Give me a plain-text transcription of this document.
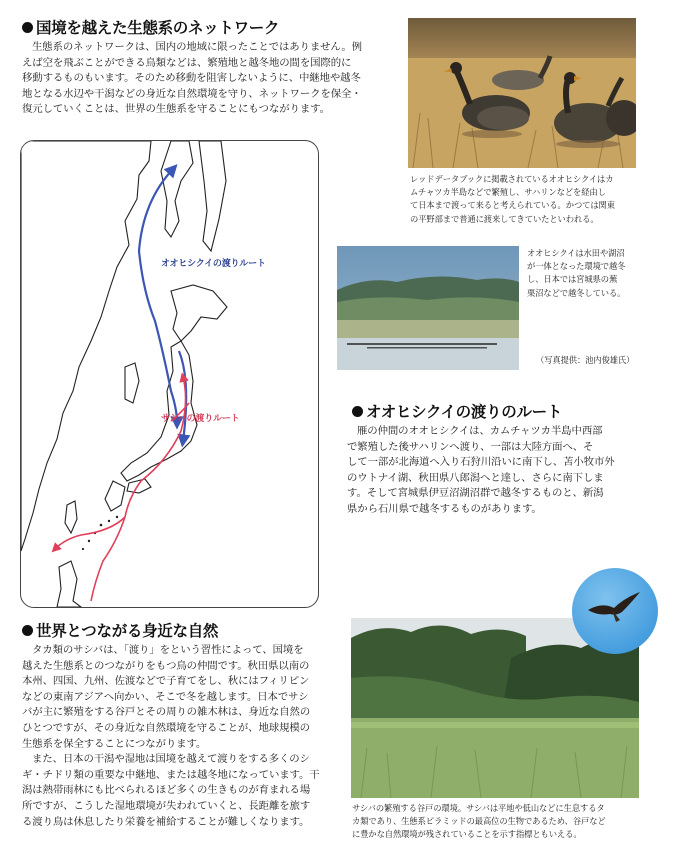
国境を越えた生態系のネットワーク
生態系のネットワークは、国内の地域に限ったことではありません。例
えば空を飛ぶことができる鳥類などは、繁殖地と越冬地の間を国際的に
移動するものもいます。そのため移動を阻害しないように、中継地や越冬
地となる水辺や干潟などの身近な自然環境を守り、ネットワークを保全・
復元していくことは、世界の生態系を守ることにもつながります。
レッドデータブックに掲載されているオオヒシクイはカ
ムチャツカ半島などで繁殖し、サハリンなどを経由し
て日本まで渡って来ると考えられている。かつては関東
の平野部まで普通に渡来してきていたといわれる。
オオヒシクイの渡りルート
サシバの渡りルート
オオヒシクイは水田や湖沼
が一体となった環境で越冬
し、日本では宮城県の蕪
栗沼などで越冬している。
（写真提供：池内俊雄氏）
オオヒシクイの渡りのルート
雁の仲間のオオヒシクイは、カムチャツカ半島中西部
で繁殖した後サハリンへ渡り、一部は大陸方面へ、そ
して一部が北海道へ入り石狩川沿いに南下し、苫小牧市外
のウトナイ湖、秋田県八郎潟へと達し、さらに南下しま
す。そして宮城県伊豆沼湖沼群で越冬するものと、新潟
県から石川県で越冬するものがあります。
世界とつながる身近な自然
タカ類のサシバは、「渡り」をという習性によって、国境を
越えた生態系とのつながりをもつ鳥の仲間です。秋田県以南の
本州、四国、九州、佐渡などで子育てをし、秋にはフィリピン
などの東南アジアへ向かい、そこで冬を越します。日本でサシ
バが主に繁殖をする谷戸とその周りの雑木林は、身近な自然の
ひとつですが、その身近な自然環境を守ることが、地球規模の
生態系を保全することにつながります。
また、日本の干潟や湿地は国境を越えて渡りをする多くのシ
ギ・チドリ類の重要な中継地、または越冬地になっています。干
潟は熱帯雨林にも比べられるほど多くの生きものが育まれる場
所ですが、こうした湿地環境が失われていくと、長距離を旅す
る渡り鳥は休息したり栄養を補給することが難しくなります。
サシバの繁殖する谷戸の環境。サシバは平地や低山などに生息するタ
カ類であり、生態系ピラミッドの最高位の生物であるため、谷戸など
に豊かな自然環境が残されていることを示す指標ともいえる。
